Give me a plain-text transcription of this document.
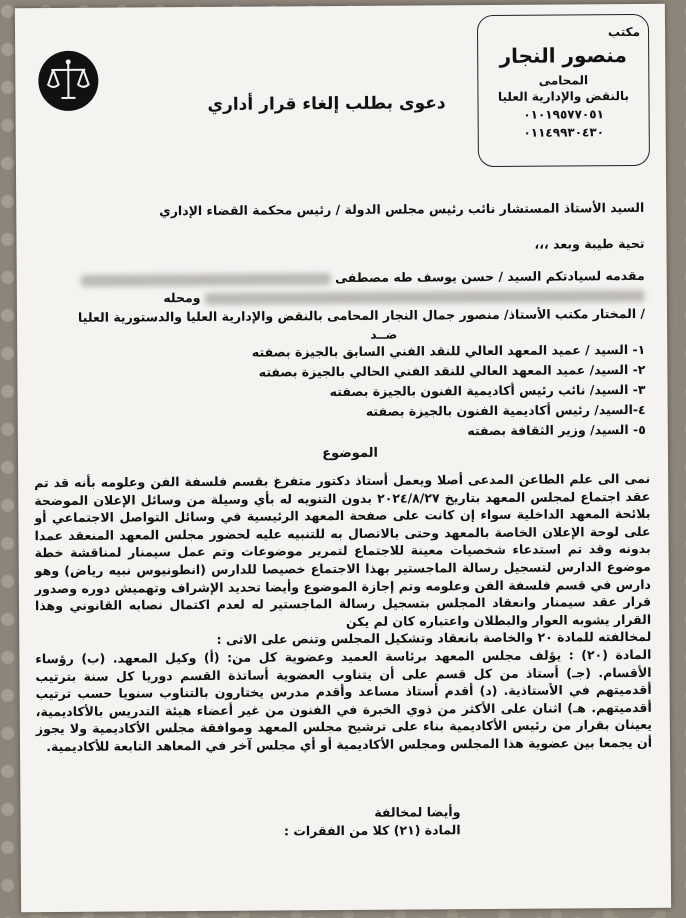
مكتب
منصور النجار
المحامى
بالنقض والإدارية العليا
٠١٠١٩٥٧٧٠٥١
٠١١٤٩٩٣٠٤٣٠
دعوى بطلب إلغاء قرار أداري
السيد الأستاذ المستشار نائب رئيس مجلس الدولة / رئيس محكمة القضاء الإداري
تحية طيبة وبعد ،،،
مقدمه لسيادتكم السيد / حسن يوسف طه مصطفى
ومحله
/ المختار مكتب الأستاذ/ منصور جمال النجار المحامى بالنقض والإدارية العليا والدستورية العليا
ضــد
١- السيد / عميد المعهد العالي للنقد الفني السابق بالجيزة بصفته
٢- السيد/ عميد المعهد العالي للنقد الفني الحالي بالجيزة بصفته
٣- السيد/ نائب رئيس أكاديمية الفنون بالجيزة بصفته
٤-السيد/ رئيس أكاديمية الفنون بالجيزة بصفته
٥- السيد/ وزير الثقافة بصفته
الموضوع

نمى الى علم الطاعن المدعى أصلا ويعمل أستاذ دكتور متفرغ بقسم فلسفة الفن وعلومه بأنه قد تم عقد اجتماع لمجلس المعهد بتاريخ ٢٠٢٤/٨/٢٧ بدون التنويه له بأي وسيلة من وسائل الإعلان الموضحة بلائحة المعهد الداخلية سواء إن كانت على صفحة المعهد الرئيسية في وسائل التواصل الاجتماعي أو على لوحة الإعلان الخاصة بالمعهد وحتى بالاتصال به للتنبيه عليه لحضور مجلس المعهد المنعقد عمدا بدونه وقد تم استدعاء شخصيات معينة للاجتماع لتمرير موضوعات وتم عمل سيمنار لمناقشة خطة موضوع الدارس لتسجيل رسالة الماجستير بهذا الاجتماع خصيصا للدارس (انطونيوس نبيه رياض) وهو دارس في قسم فلسفة الفن وعلومه وتم إجازة الموضوع وأيضا تحديد الإشراف وتهميش دوره وصدور قرار عقد سيمنار وانعقاد المجلس بتسجيل رسالة الماجستير له لعدم اكتمال نصابه القانوني وهذا القرار يشوبه العوار والبطلان واعتباره كان لم يكن

لمخالفته للمادة ٢٠ والخاصة بانعقاد وتشكيل المجلس وتنص على الاتى :

المادة (٢٠) : يؤلف مجلس المعهد برئاسة العميد وعضوية كل من: (أ) وكيل المعهد. (ب) رؤساء الأقسام. (جـ) أستاذ من كل قسم على أن يتناوب العضوية أساتذة القسم دوريا كل سنة بترتيب أقدميتهم في الأستاذية. (د) أقدم أستاذ مساعد وأقدم مدرس يختارون بالتناوب سنويا حسب ترتيب أقدميتهم. هـ) اثنان على الأكثر من ذوي الخبرة في الفنون من غير أعضاء هيئة التدريس بالأكاديمية، يعينان بقرار من رئيس الأكاديمية بناء على ترشيح مجلس المعهد وموافقة مجلس الأكاديمية ولا يجوز أن يجمعا بين عضوية هذا المجلس ومجلس الأكاديمية أو أي مجلس آخر في المعاهد التابعة للأكاديمية.

وأيضا لمخالفة
المادة (٢١) كلا من الفقرات :
